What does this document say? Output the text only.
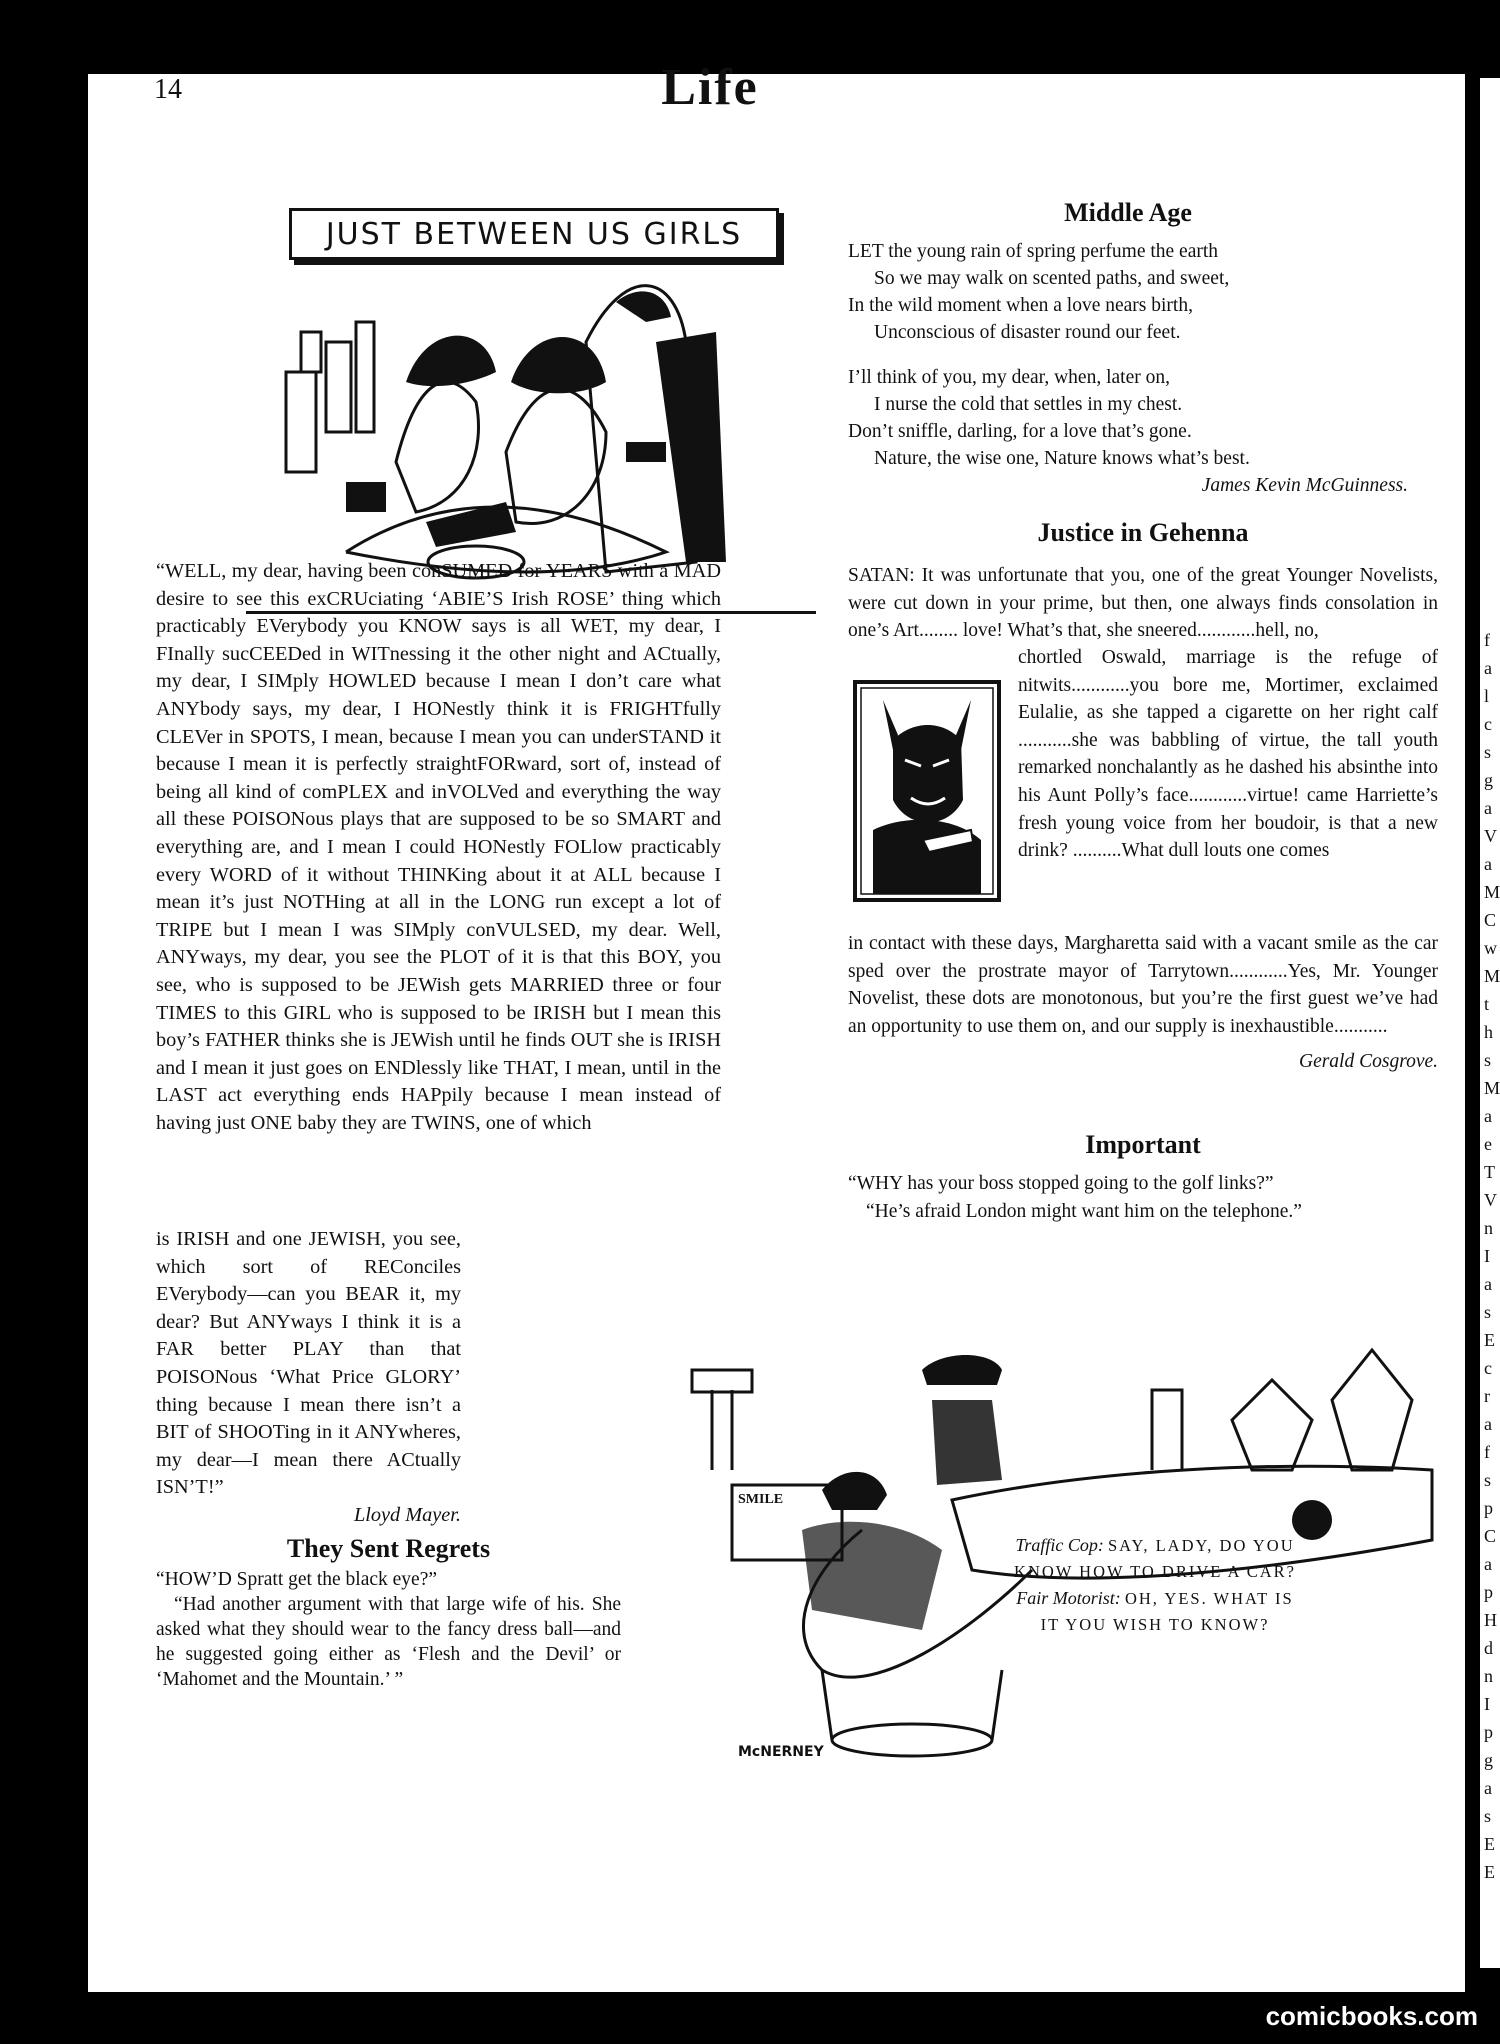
14	Life
JUST BETWEEN US GIRLS

“WELL, my dear, having been conSUMED for YEARS with a MAD desire to see this exCRUciating ‘ABIE’S Irish ROSE’ thing which practicably EVerybody you KNOW says is all WET, my dear, I FInally sucCEEDed in WITnessing it the other night and ACtually, my dear, I SIMply HOWLED because I mean I don’t care what ANYbody says, my dear, I HONestly think it is FRIGHTfully CLEVer in SPOTS, I mean, because I mean you can underSTAND it because I mean it is perfectly straightFORward, sort of, instead of being all kind of comPLEX and inVOLVed and everything the way all these POISONous plays that are supposed to be so SMART and everything are, and I mean I could HONestly FOLlow practicably every WORD of it without THINKing about it at ALL because I mean it’s just NOTHing at all in the LONG run except a lot of TRIPE but I mean I was SIMply conVULSED, my dear. Well, ANYways, my dear, you see the PLOT of it is that this BOY, you see, who is supposed to be JEWish gets MARRIED three or four TIMES to this GIRL who is supposed to be IRISH but I mean this boy’s FATHER thinks she is JEWish until he finds OUT she is IRISH and I mean it just goes on ENDlessly like THAT, I mean, until in the LAST act everything ends HAPpily because I mean instead of having just ONE baby they are TWINS, one of which

is IRISH and one JEWISH, you see, which sort of REConciles EVerybody—can you BEAR it, my dear? But ANYways I think it is a FAR better PLAY than that POISONous ‘What Price GLORY’ thing because I mean there isn’t a BIT of SHOOTing in it ANYwheres, my dear—I mean there ACtually ISN’T!”

Lloyd Mayer.

They Sent Regrets

“HOW’D Spratt get the black eye?”

“Had another argument with that large wife of his. She asked what they should wear to the fancy dress ball—and he suggested going either as ‘Flesh and the Devil’ or ‘Mahomet and the Mountain.’ ”

Middle Age
LET the young rain of spring perfume the earth
So we may walk on scented paths, and sweet,
In the wild moment when a love nears birth,
Unconscious of disaster round our feet.
I’ll think of you, my dear, when, later on,
I nurse the cold that settles in my chest.
Don’t sniffle, darling, for a love that’s gone.
Nature, the wise one, Nature knows what’s best.
James Kevin McGuinness.
Justice in Gehenna

SATAN: It was unfortunate that you, one of the great Younger Novelists, were cut down in your prime, but then, one always finds consolation in one’s Art........ love! What’s that, she sneered............hell, no,

chortled Oswald, marriage is the refuge of nitwits............you bore me, Mortimer, exclaimed Eulalie, as she tapped a cigarette on her right calf ...........she was babbling of virtue, the tall youth remarked nonchalantly as he dashed his absinthe into his Aunt Polly’s face............virtue! came Harriette’s fresh young voice from her boudoir, is that a new drink? ..........What dull louts one comes

in contact with these days, Margharetta said with a vacant smile as the car sped over the prostrate mayor of Tarrytown............Yes, Mr. Younger Novelist, these dots are monotonous, but you’re the first guest we’ve had an opportunity to use them on, and our supply is inexhaustible...........

Gerald Cosgrove.

Important

“WHY has your boss stopped going to the golf links?”

“He’s afraid London might want him on the telephone.”

SMILE
McNERNEY
Traffic Cop: SAY, LADY, DO YOU KNOW HOW TO DRIVE A CAR?
Fair Motorist: OH, YES. WHAT IS IT YOU WISH TO KNOW?
f
a
l
c
s
g
a
V
a
M
C
w
M
t
h
s
M
a
e
T
V
n
I
a
s
E
c
r
a
f
s
p
C
a
p
H
d
n
I
p
g
a
s
E
E
comicbooks.com
